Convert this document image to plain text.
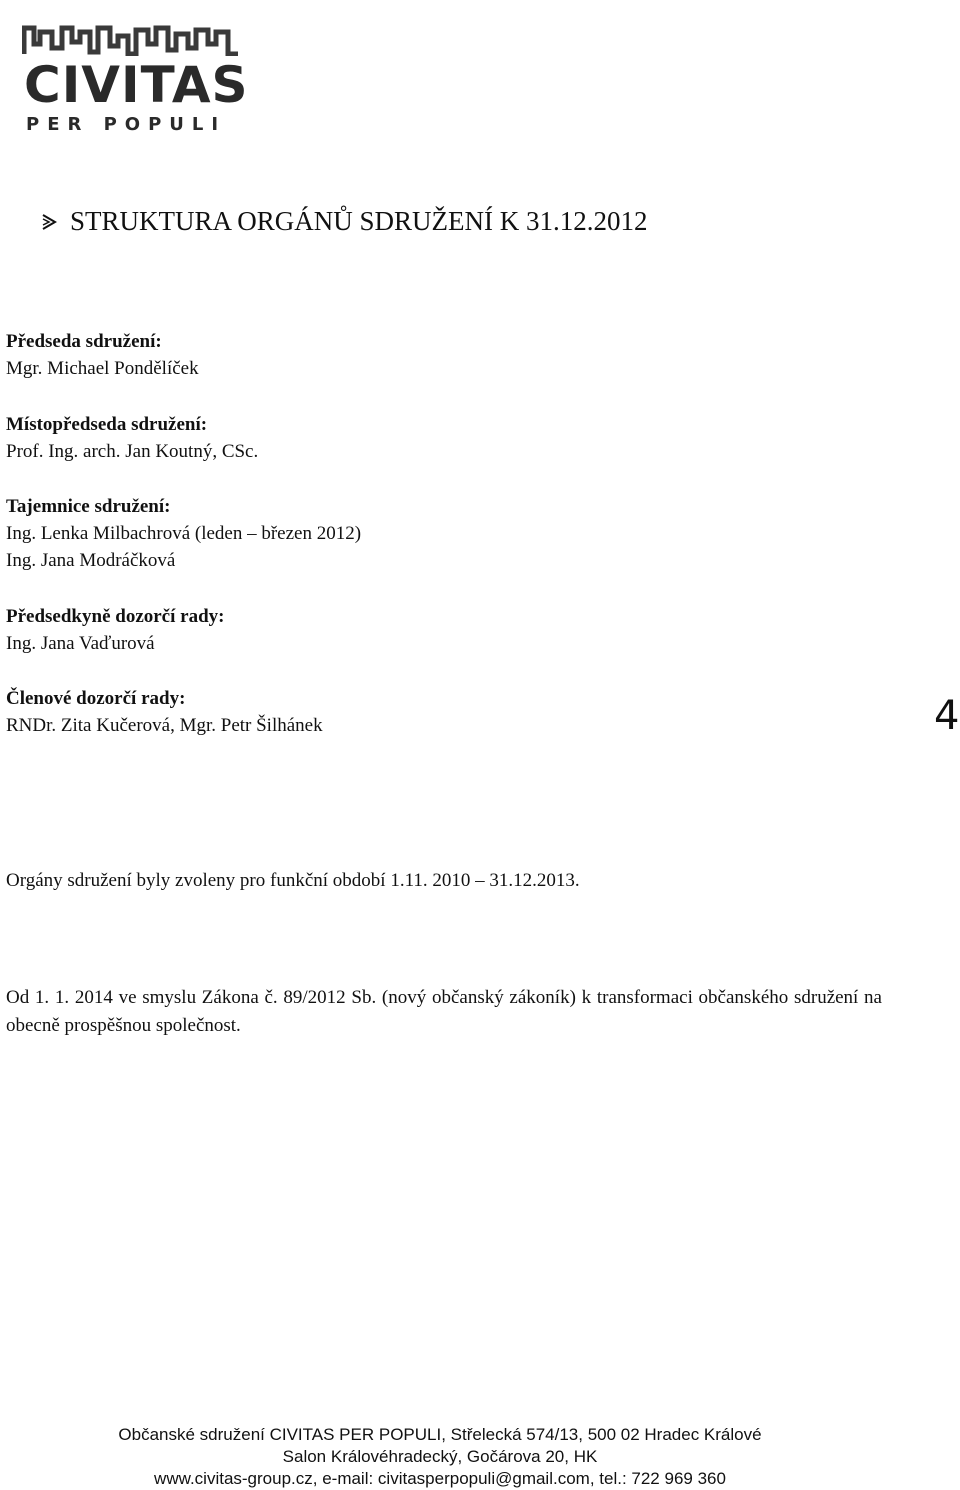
CIVITAS
PER POPULI
STRUKTURA ORGÁNŮ SDRUŽENÍ K 31.12.2012
Předseda sdružení:
Mgr. Michael Pondělíček
Místopředseda sdružení:
Prof. Ing. arch. Jan Koutný, CSc.
Tajemnice sdružení:
Ing. Lenka Milbachrová (leden – březen 2012)
Ing. Jana Modráčková
Předsedkyně dozorčí rady:
Ing. Jana Vaďurová
Členové dozorčí rady:
RNDr. Zita Kučerová, Mgr. Petr Šilhánek	4
Orgány sdružení byly zvoleny pro funkční období 1.11. 2010 – 31.12.2013.
Od 1. 1. 2014 ve smyslu Zákona č. 89/2012 Sb. (nový občanský zákoník) k transformaci občanského sdružení na obecně prospěšnou společnost.
Občanské sdružení CIVITAS PER POPULI, Střelecká 574/13, 500 02 Hradec Králové
Salon Královéhradecký, Gočárova 20, HK
www.civitas-group.cz, e-mail: civitasperpopuli@gmail.com, tel.: 722 969 360
